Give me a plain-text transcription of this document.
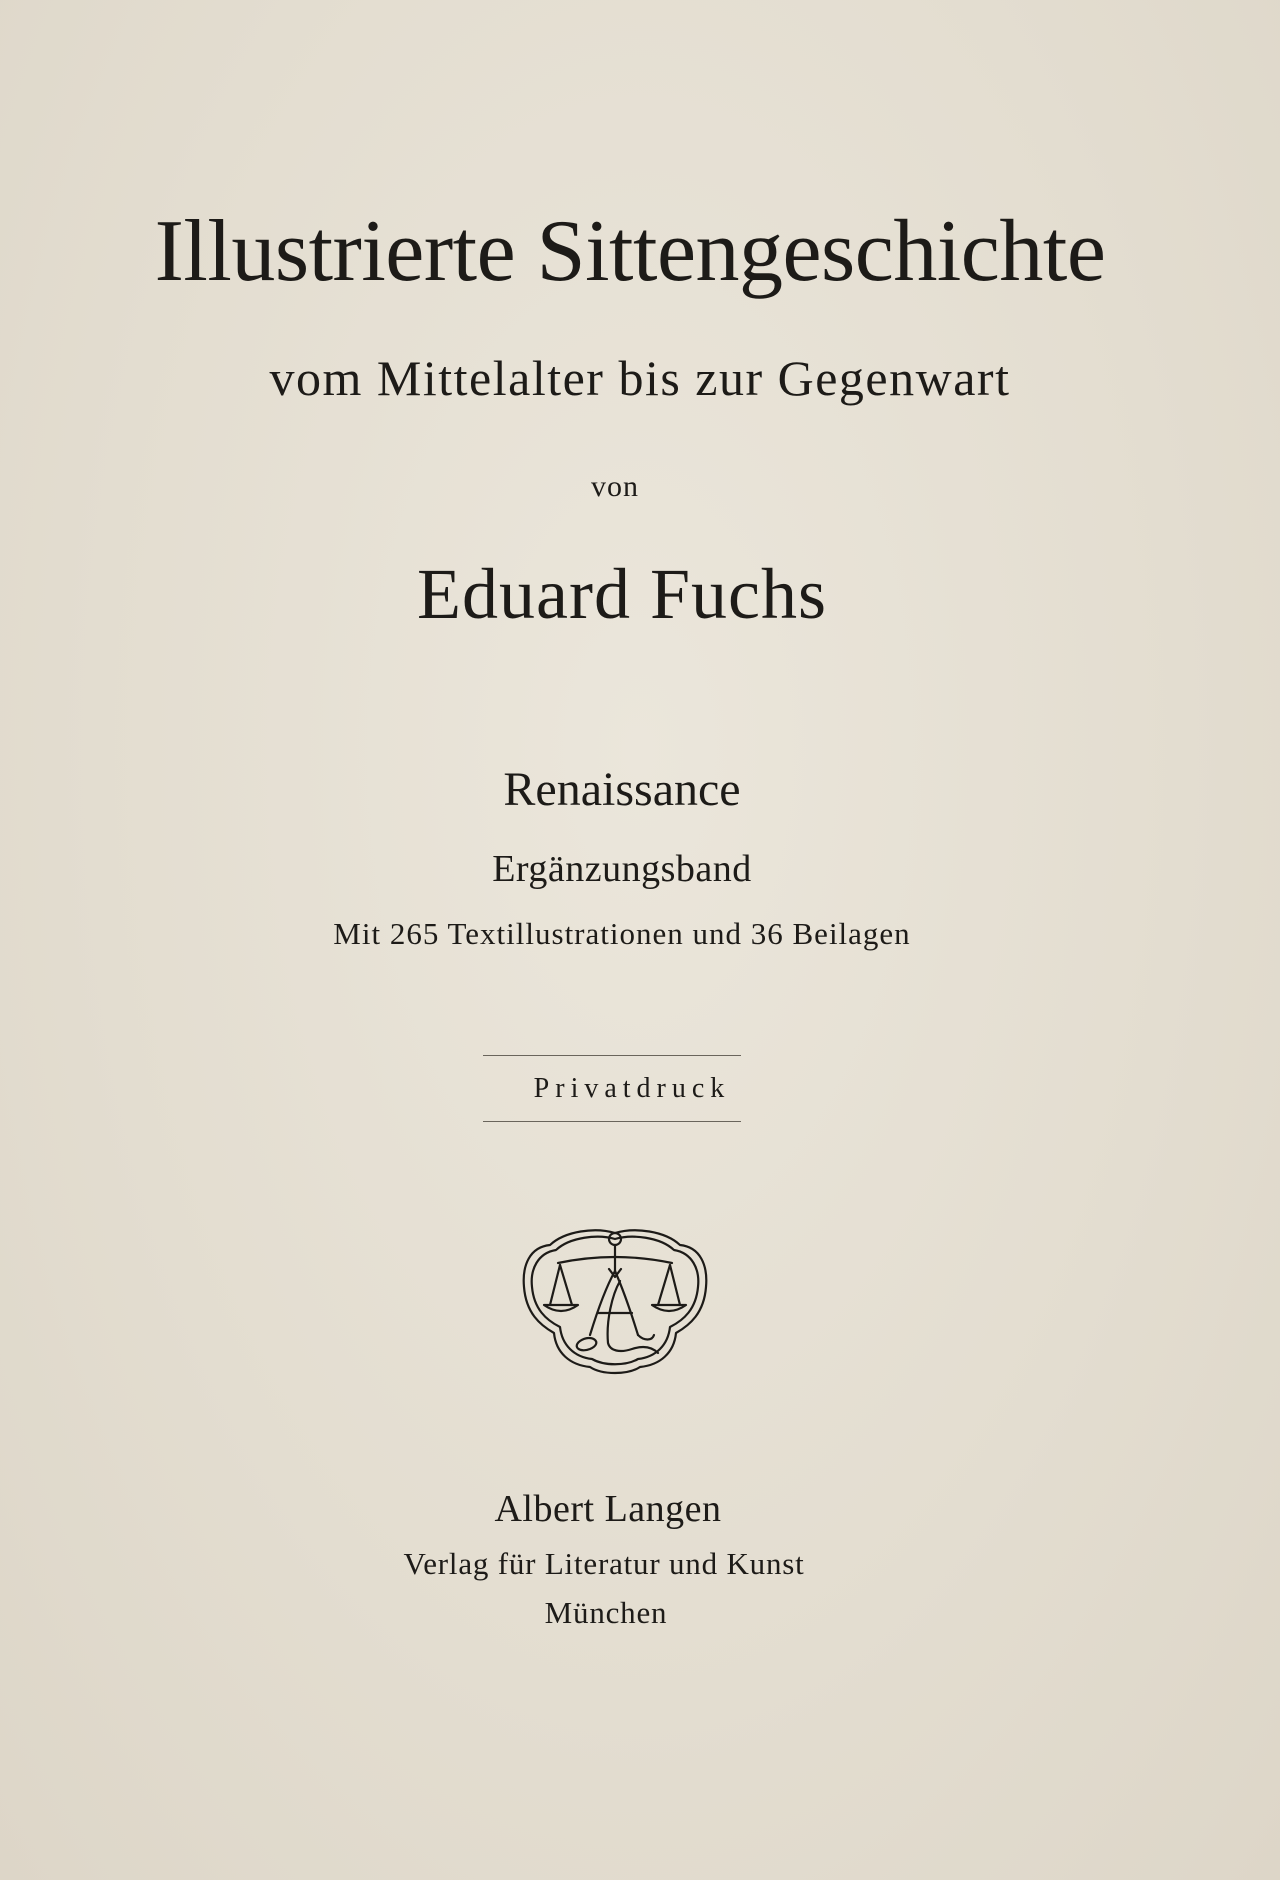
Illustrierte Sittengeschichte
vom Mittelalter bis zur Gegenwart
von
Eduard Fuchs
Renaissance
Ergänzungsband
Mit 265 Textillustrationen und 36 Beilagen
Privatdruck
Albert Langen
Verlag für Literatur und Kunst
München
